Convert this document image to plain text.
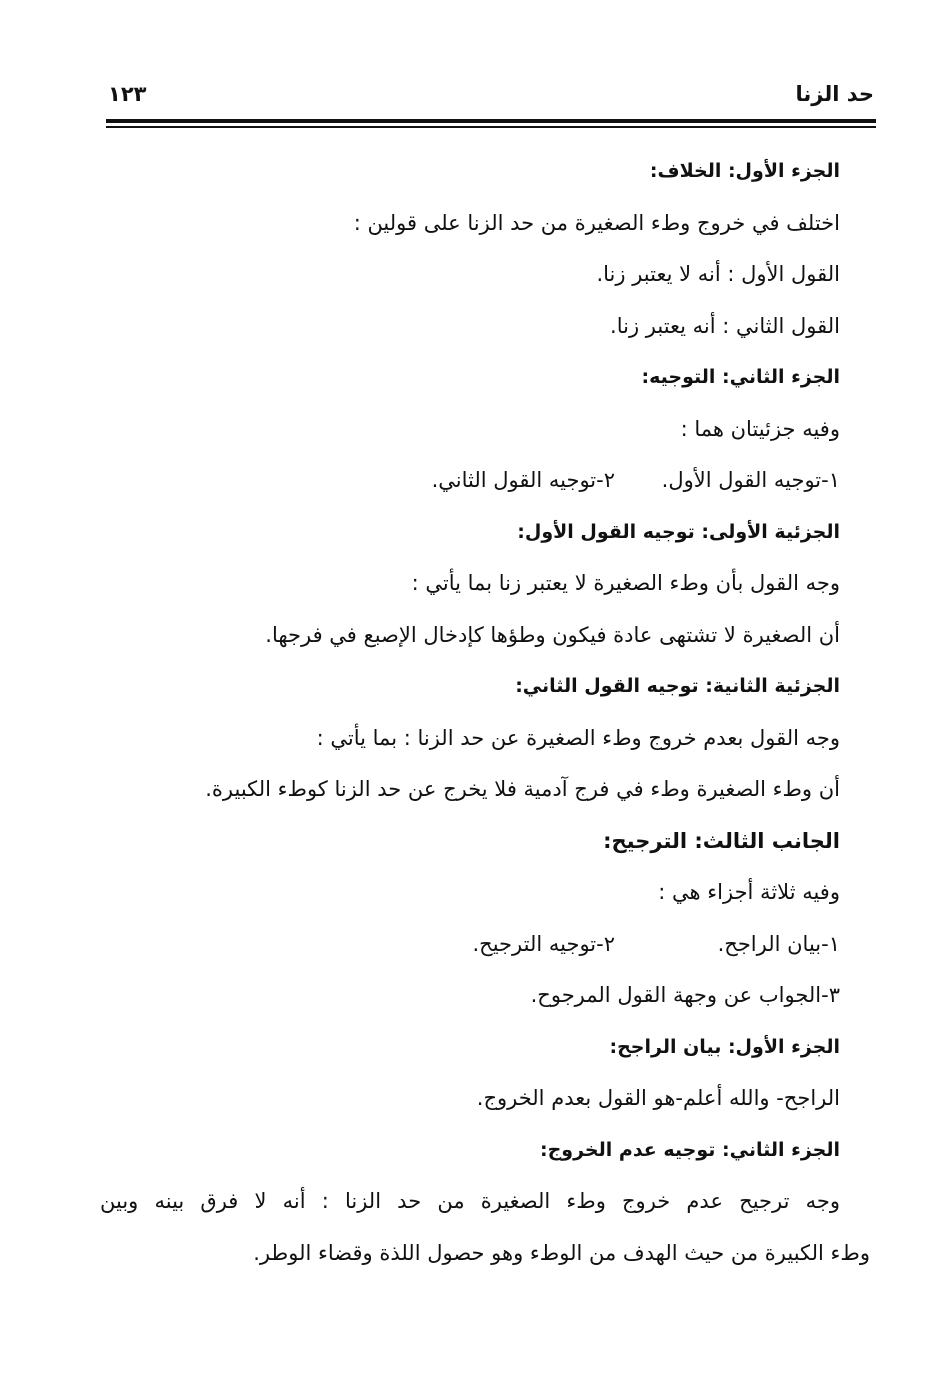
حد الزنا
١٢٣
الجزء الأول: الخلاف:
اختلف في خروج وطء الصغيرة من حد الزنا على قولين :
القول الأول : أنه لا يعتبر زنا.
القول الثاني : أنه يعتبر زنا.
الجزء الثاني: التوجيه:
وفيه جزئيتان هما :
١-توجيه القول الأول.
٢-توجيه القول الثاني.
الجزئية الأولى: توجيه القول الأول:
وجه القول بأن وطء الصغيرة لا يعتبر زنا بما يأتي :
أن الصغيرة لا تشتهى عادة فيكون وطؤها كإدخال الإصبع في فرجها.
الجزئية الثانية: توجيه القول الثاني:
وجه القول بعدم خروج وطء الصغيرة عن حد الزنا : بما يأتي :
أن وطء الصغيرة وطء في فرج آدمية فلا يخرج عن حد الزنا كوطء الكبيرة.
الجانب الثالث: الترجيح:
وفيه ثلاثة أجزاء هي :
١-بيان الراجح.
٢-توجيه الترجيح.
٣-الجواب عن وجهة القول المرجوح.
الجزء الأول: بيان الراجح:
الراجح- والله أعلم-هو القول بعدم الخروج.
الجزء الثاني: توجيه عدم الخروج:
وجه ترجيح عدم خروج وطء الصغيرة من حد الزنا : أنه لا فرق بينه وبين
وطء الكبيرة من حيث الهدف من الوطء وهو حصول اللذة وقضاء الوطر.
